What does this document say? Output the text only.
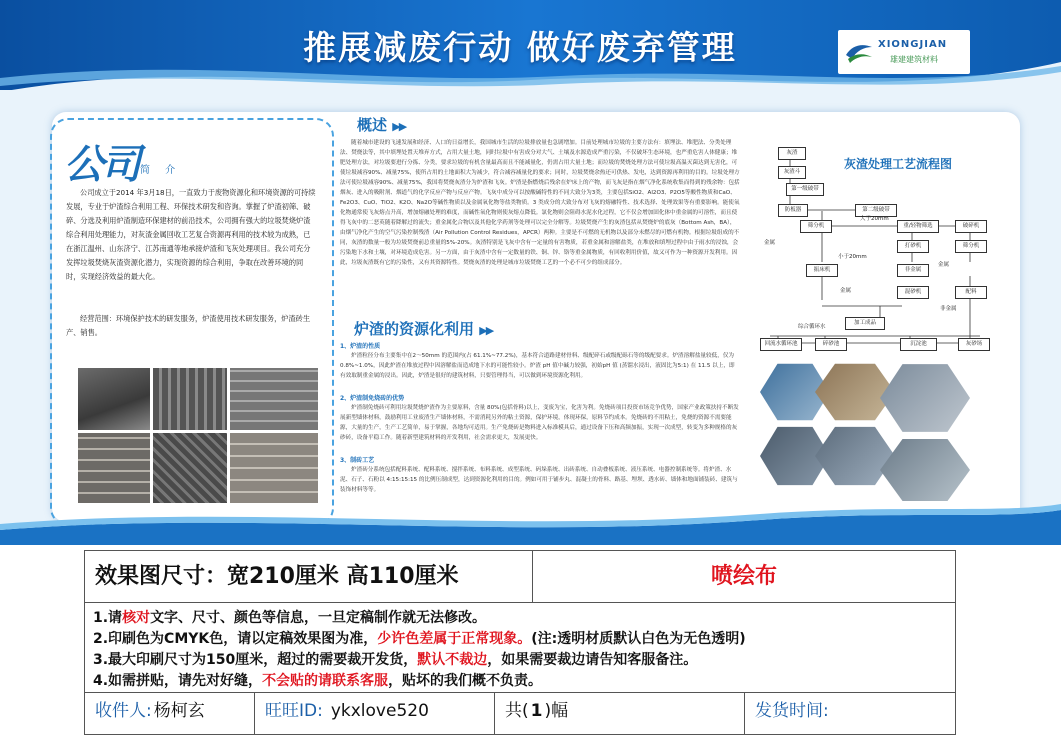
推展减废行动 做好废弃管理	XIONGJIAN
雄建建筑材料
公司 简 介
公司成立于2014 年3月18日，一直致力于废物资源化和环境资源的可持续发展，专业于炉渣综合利用工程、环保技术研发和咨询。掌握了炉渣初筛、破碎、分选及利用炉渣制造环保建材的前沿技术，公司拥有强大的垃圾焚烧炉渣综合利用处理能力，对灰渣金属回收工艺复合资源再利用的技术较为成熟，已在浙江温州、山东济宁、江苏南通等地承接炉渣和飞灰处理项目。我公司充分发挥垃圾焚烧灰渣资源化潜力，实现资源的综合利用，争取在改善环境的同时，实现经济效益的最大化。
经营范围：环境保护技术的研发服务，炉渣使用技术研发服务，炉渣砖生产、销售。
概述 ▶▶
随着城市建设的飞速发展和经济、人口的日益增长，我国城市生活的垃圾排放量也急剧增加。目前处理城市垃圾的主要方法有：填埋法、堆肥法、分类处理法、焚烧法等，其中填埋处置天堆弃方式，占用大量土地，同时垃圾中有害成分对大气、土壤及水源造成严重污染，不仅破坏生态环境，也严重危害人体健康；堆肥处理方法，对垃圾要进行分拣、分类，要求垃圾的有机含量最高而且不能减量化，仍需占用大量土地；而垃圾的焚烧处理方法可使垃圾高温灭菌达到无害化，可使垃圾减容90%、减量75%，使所占用的土地面积大为减少，符合减容减量化的要求；同时，垃圾焚烧余热还可供热、发电，达到资源再利用的目的。垃圾处理方法可使垃圾减容90%、减量75%，我国将焚烧灰渣分为炉渣和飞灰。炉渣是指燃烧后残余在炉床上的产物，而飞灰是指在烟气净化系统收集而得到的残余物：包括烟灰、进入的吸附剂、烟道气的化学反应产物与反应产物。飞灰中成分可以按酸碱特性的不同大致分为3类，主要包括SiO2、Al2O3、P2O5等酸性物质和CaO、Fe2O3、CuO、TiO2、K2O、Na2O等碱性物质以及金属氧化物等盐类物质。3 类成分的大致分布对飞灰的熔融特性、技术选择、处理效果等有重要影响。能使氧化物通常使飞灰熔点升高，增加熔融处理的难度，而碱性氧化物则使灰熔点降低。氯化物则会阻碍水泥水化过程，它不仅会增加固化体中重金属的可溶性，而且使得飞灰中的二恶英随着降解过的流失；重金属化合物以及其他化学药剂等处理可以完全分解等。垃圾焚烧产生的灰渣包括从焚烧炉的底灰（Bottom Ash，BA），由烟气净化产生的空气污染控制残渣（Air Pollution Control Residues，APCR）两种。主要是不可燃的无机物以及部分未燃尽的可燃有机物。根据垃圾组成的不同，灰渣的数量一般为垃圾焚烧前总重量的5%-20%。灰渣特别是飞灰中含有一定量的有害物质，若重金属和溶解盐类，在堆放和填埋过程中由于雨水的浸蚀，会污染地下水和土壤，对环境造成危害。另一方面，由于灰渣中含有一定数量的铁、铜、锌、铬等重金属物质，有回收利用价值，故又可作为一种资源开发利用。因此，垃圾灰渣既有它的污染性，又有其资源特性。焚烧灰渣的处理是城市垃圾焚烧工艺的一个必不可少的组成部分。
炉渣的资源化利用 ▶▶
1、炉渣的性质
炉渣粒径分布主要集中在2～50mm 的范围内(占 61.1%~77.2%)，基本符合道路建材骨料、级配碎石或级配砾石等的级配要求。炉渣溶解盐量较低，仅为0.8%~1.0%，因此炉渣在堆放过程中因溶解盐而造成地下水的可能性较小。炉渣 pH 值中碱力较强，初始pH 值 (蒸馏水浸出，液固比为5:1) 在 11.5 以上，即有效取制重金属的浸出。因此，炉渣是很好的建筑材料，只要管理得当，可以做到环境资源化利用。
2、炉渣制免烧砖的优势
炉渣制免烧砖可利用垃圾焚烧炉渣作为主要原料，含量 80%(包括骨料)以上，变废为宝，化害为利。免烧砖项目投资市场竞争优势，国家产业政策扶持不断发展新型墙体材料，鼓励利用工业废渣生产墙体材料，不需消耗另外的粘土资源，保护环境，体现环保，原料节约成本。免烧砖的不用粘土，免烧的资源不需要能源，大量的生产，生产工艺简单，易于掌握，各地均可适用。生产免烧砖是物料进入标准模具后，通过设备下压和高频加振，实现一次成型，转变为多种规格的灰砂砖，设备平稳工作。随着新型建筑材料的开发利用，社会需求更大，发展更快。
3、制砖工艺
炉渣砖分系统包括配料系统、配料系统、搅拌系统、布料系统、成型系统、码垛系统、出砖系统、自动叠板系统、液压系统、电器控制系统等。将炉渣、水泥、石子、石粉以 4:15:15:15 的比例压制成型，达到资源化利用的目的。例如可用于铺步丸、混凝土的骨料、路基、埋坝、透水砖、墙体和地面铺装砖、建筑与装饰材料等等。
灰渣处理工艺流程图
灰渣
灰渣斗
第一级破带
防板器	第二级破带
筛分机	重/轻物筛选	破碎机
打砂机	筛分机
振床机	非金属
混砂机	配料
加工成品
回流水循环池	碎砂池	沉淀池	灰砂场
金属
大于20mm
金属
小于20mm
金属
综合循环水
非金属
效果图尺寸：宽210厘米 高110厘米	喷绘布
1.请核对文字、尺寸、颜色等信息，一旦定稿制作就无法修改。
2.印刷色为CMYK色，请以定稿效果图为准，少许色差属于正常现象。(注:透明材质默认白色为无色透明)
3.最大印刷尺寸为150厘米，超过的需要裁开发货，默认不裁边，如果需要裁边请告知客服备注。
4.如需拼贴，请先对好缝，不会贴的请联系客服，贴坏的我们概不负责。
收件人: 杨柯玄	旺旺ID: ykxlove520	共( 1 )幅	发货时间:
